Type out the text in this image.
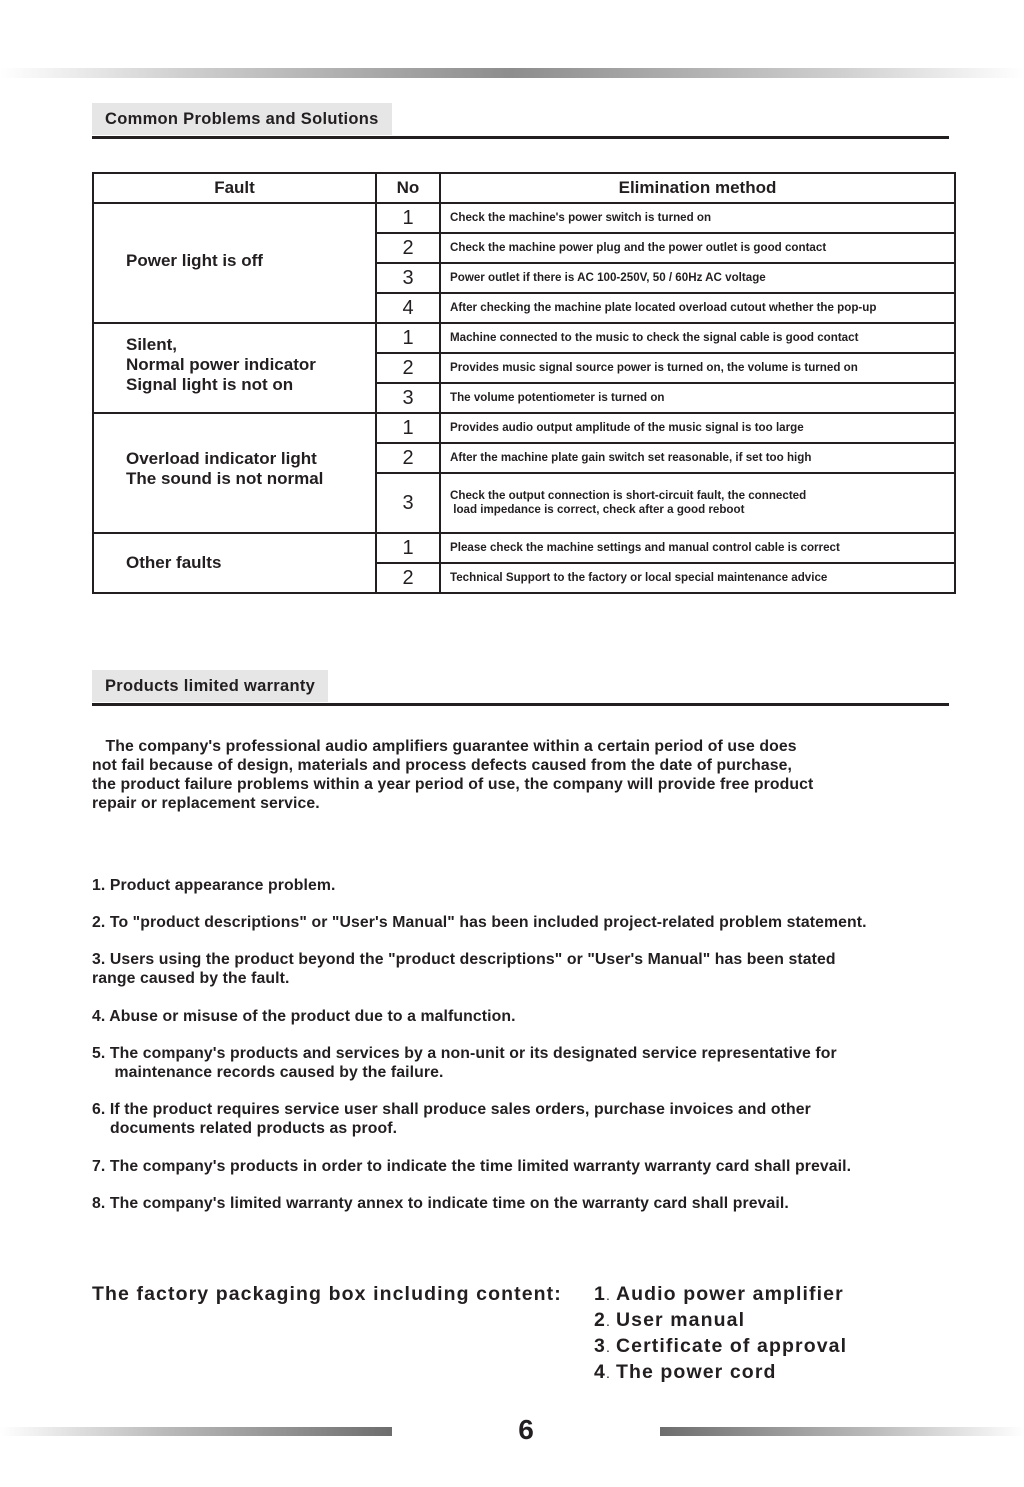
Common Problems and Solutions
Fault	No	Elimination method

Power light is off	1	Check the machine's power switch is turned on

	2	Check the machine power plug and the power outlet is good contact

	3	Power outlet if there is AC 100-250V, 50 / 60Hz AC voltage

	4	After checking the machine plate located overload cutout whether the pop-up

Silent,
Normal power indicator
Signal light is not on	1	Machine connected to the music to check the signal cable is good contact

	2	Provides music signal source power is turned on, the volume is turned on

	3	The volume potentiometer is turned on

Overload indicator light
The sound is not normal	1	Provides audio output amplitude of the music signal is too large

	2	After the machine plate gain switch set reasonable, if set too high

	3	Check the output connection is short-circuit fault, the connected
load impedance is correct, check after a good reboot

Other faults	1	Please check the machine settings and manual control cable is correct

	2	Technical Support to the factory or local special maintenance advice
Products limited warranty
The company's professional audio amplifiers guarantee within a certain period of use does
not fail because of design, materials and process defects caused from the date of purchase,
the product failure problems within a year period of use, the company will provide free product
repair or replacement service.
1. Product appearance problem.
2. To "product descriptions" or "User's Manual" has been included project-related problem statement.
3. Users using the product beyond the "product descriptions" or "User's Manual" has been stated
range caused by the fault.
4. Abuse or misuse of the product due to a malfunction.
5. The company's products and services by a non-unit or its designated service representative for
maintenance records caused by the failure.
6. If the product requires service user shall produce sales orders, purchase invoices and other
documents related products as proof.
7. The company's products in order to indicate the time limited warranty warranty card shall prevail.
8. The company's limited warranty annex to indicate time on the warranty card shall prevail.
The factory packaging box including content: 1. Audio power amplifier
2. User manual
3. Certificate of approval
4. The power cord
6
